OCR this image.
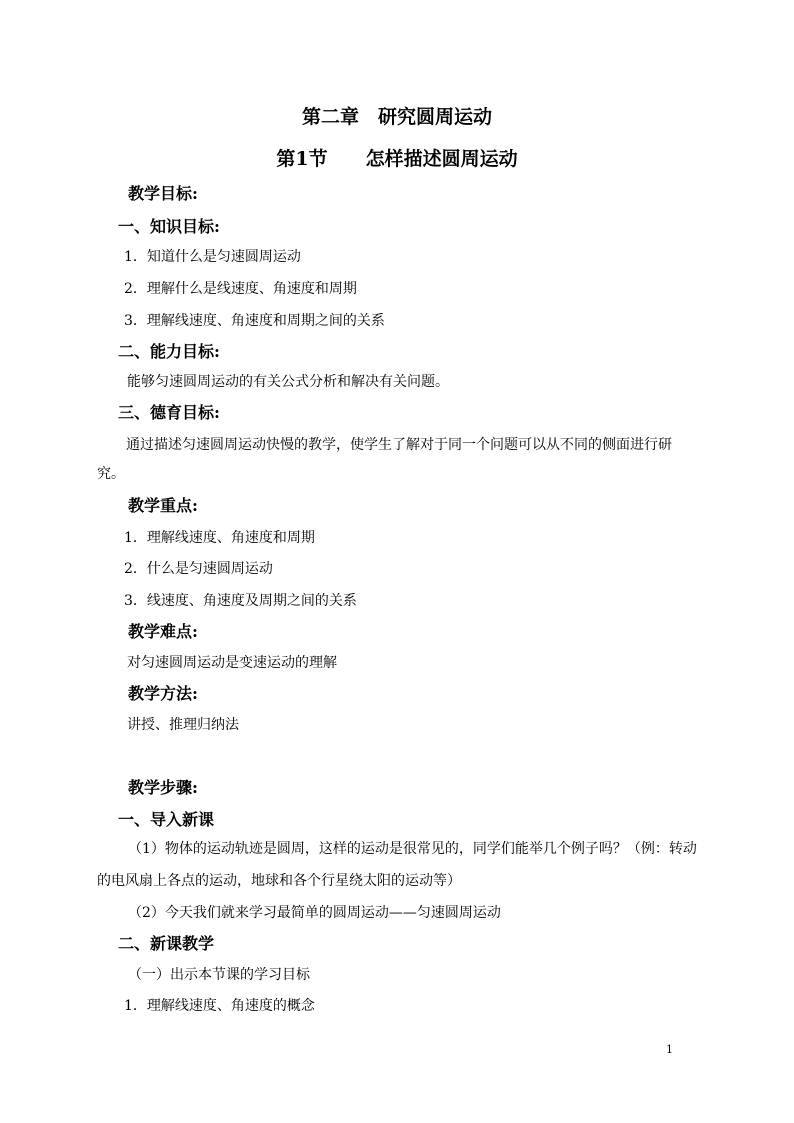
第二章　研究圆周运动
第1节　　怎样描述圆周运动
教学目标:
一、知识目标:
1．知道什么是匀速圆周运动
2．理解什么是线速度、角速度和周期
3．理解线速度、角速度和周期之间的关系
二、能力目标:
能够匀速圆周运动的有关公式分析和解决有关问题。
三、德育目标:
通过描述匀速圆周运动快慢的教学，使学生了解对于同一个问题可以从不同的侧面进行研
究。
教学重点:
1．理解线速度、角速度和周期
2．什么是匀速圆周运动
3．线速度、角速度及周期之间的关系
教学难点:
对匀速圆周运动是变速运动的理解
教学方法:
讲授、推理归纳法
教学步骤:
一、导入新课
（1）物体的运动轨迹是圆周，这样的运动是很常见的，同学们能举几个例子吗？（例：转动
的电风扇上各点的运动，地球和各个行星绕太阳的运动等）
（2）今天我们就来学习最简单的圆周运动——匀速圆周运动
二、新课教学
（一）出示本节课的学习目标
1．理解线速度、角速度的概念
1
